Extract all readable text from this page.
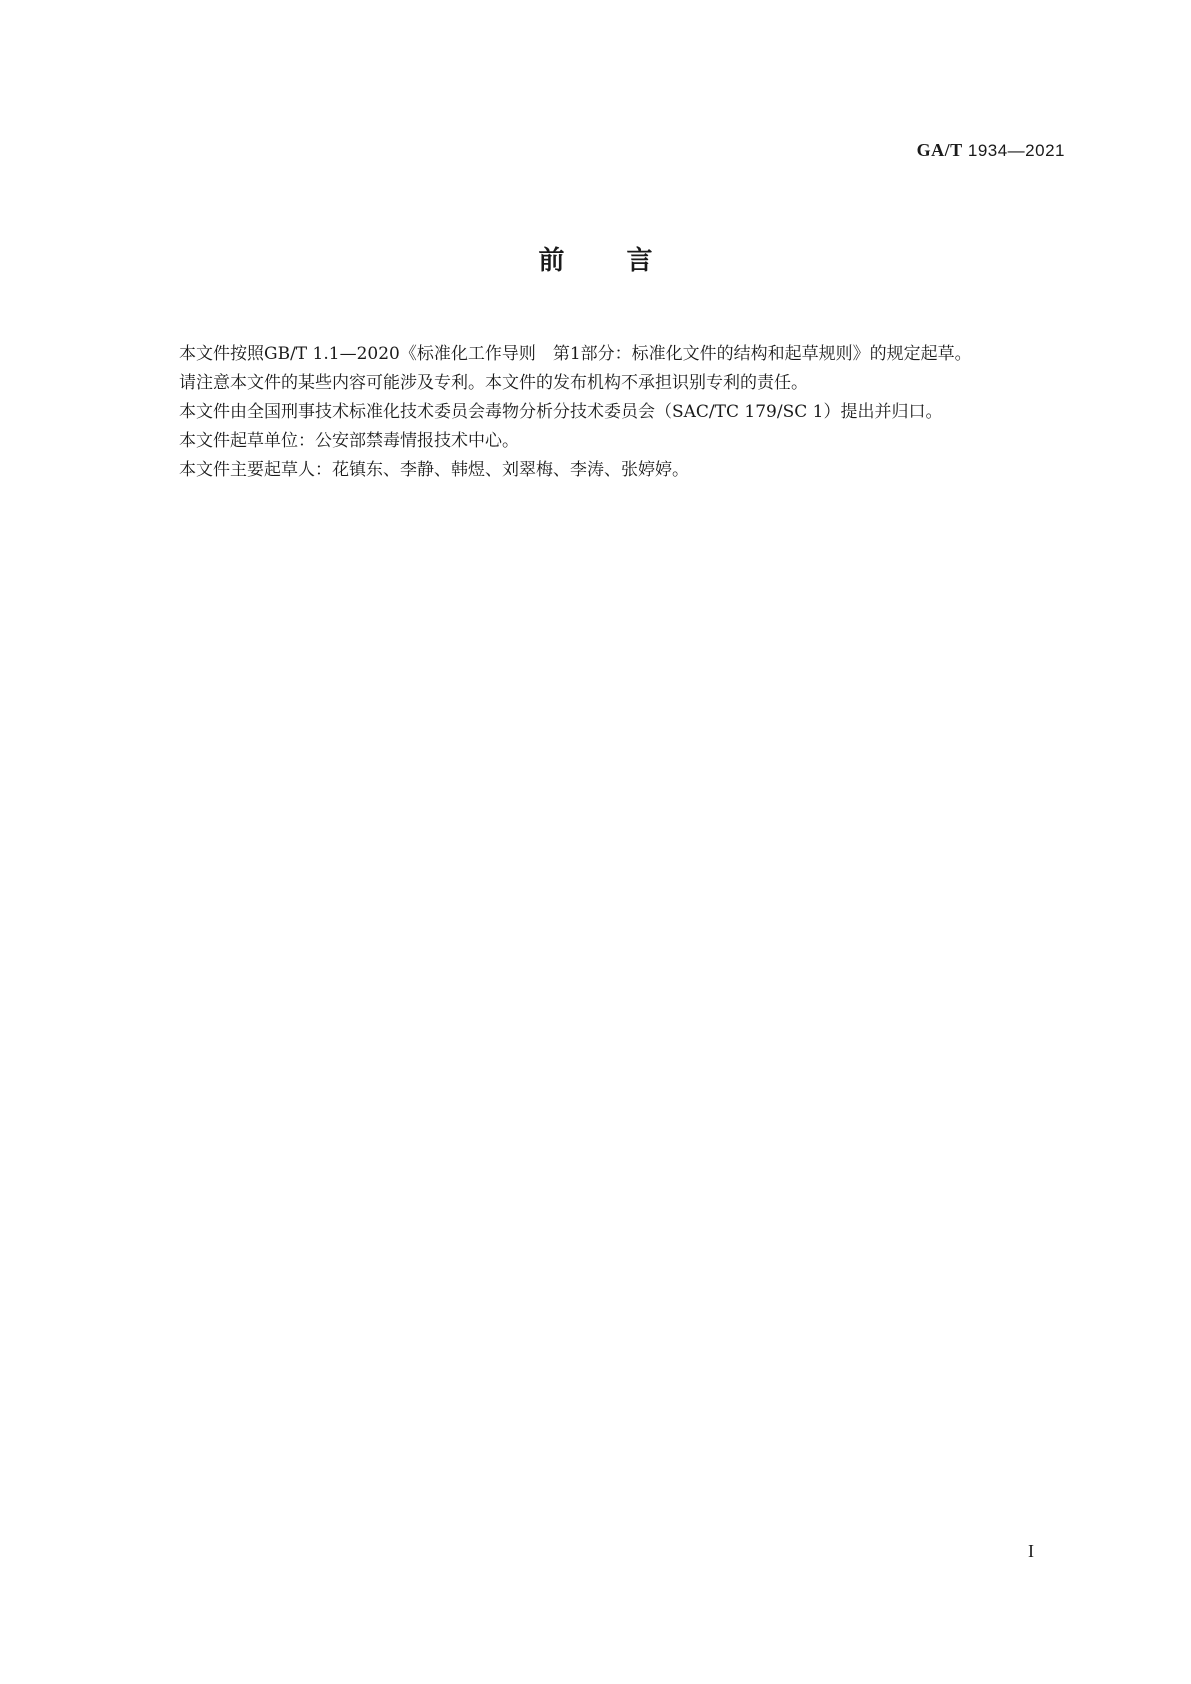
GA/T 1934—2021
前言

本文件按照GB/T 1.1—2020《标准化工作导则　第1部分：标准化文件的结构和起草规则》的规定起草。

请注意本文件的某些内容可能涉及专利。本文件的发布机构不承担识别专利的责任。

本文件由全国刑事技术标准化技术委员会毒物分析分技术委员会（SAC/TC 179/SC 1）提出并归口。

本文件起草单位：公安部禁毒情报技术中心。

本文件主要起草人：花镇东、李静、韩煜、刘翠梅、李涛、张婷婷。

I
